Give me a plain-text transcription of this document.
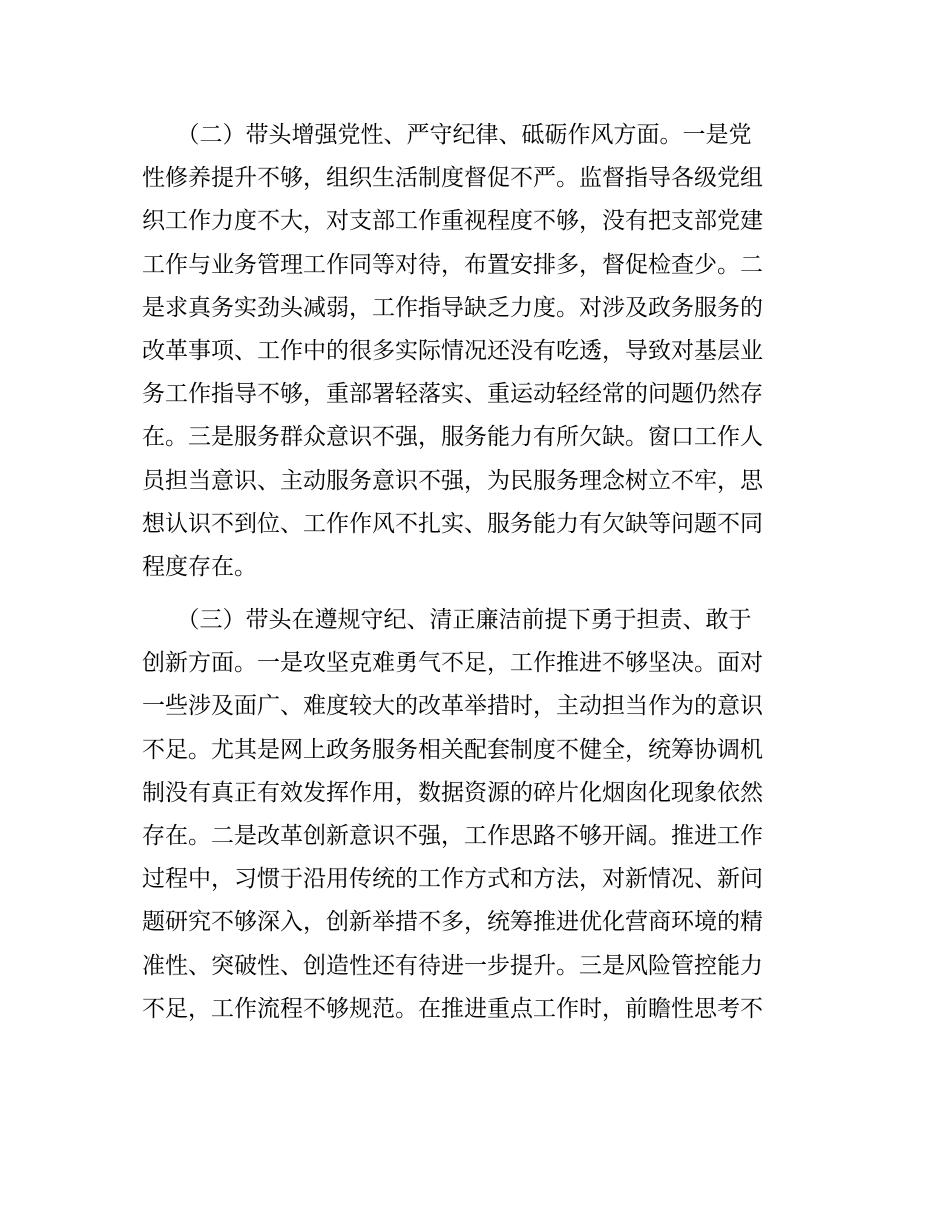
　　（二）带头增强党性、严守纪律、砥砺作风方面。一是党
性修养提升不够，组织生活制度督促不严。监督指导各级党组
织工作力度不大，对支部工作重视程度不够，没有把支部党建
工作与业务管理工作同等对待，布置安排多，督促检查少。二
是求真务实劲头减弱，工作指导缺乏力度。对涉及政务服务的
改革事项、工作中的很多实际情况还没有吃透，导致对基层业
务工作指导不够，重部署轻落实、重运动轻经常的问题仍然存
在。三是服务群众意识不强，服务能力有所欠缺。窗口工作人
员担当意识、主动服务意识不强，为民服务理念树立不牢，思
想认识不到位、工作作风不扎实、服务能力有欠缺等问题不同
程度存在。
　　（三）带头在遵规守纪、清正廉洁前提下勇于担责、敢于
创新方面。一是攻坚克难勇气不足，工作推进不够坚决。面对
一些涉及面广、难度较大的改革举措时，主动担当作为的意识
不足。尤其是网上政务服务相关配套制度不健全，统筹协调机
制没有真正有效发挥作用，数据资源的碎片化烟囱化现象依然
存在。二是改革创新意识不强，工作思路不够开阔。推进工作
过程中，习惯于沿用传统的工作方式和方法，对新情况、新问
题研究不够深入，创新举措不多，统筹推进优化营商环境的精
准性、突破性、创造性还有待进一步提升。三是风险管控能力
不足，工作流程不够规范。在推进重点工作时，前瞻性思考不
